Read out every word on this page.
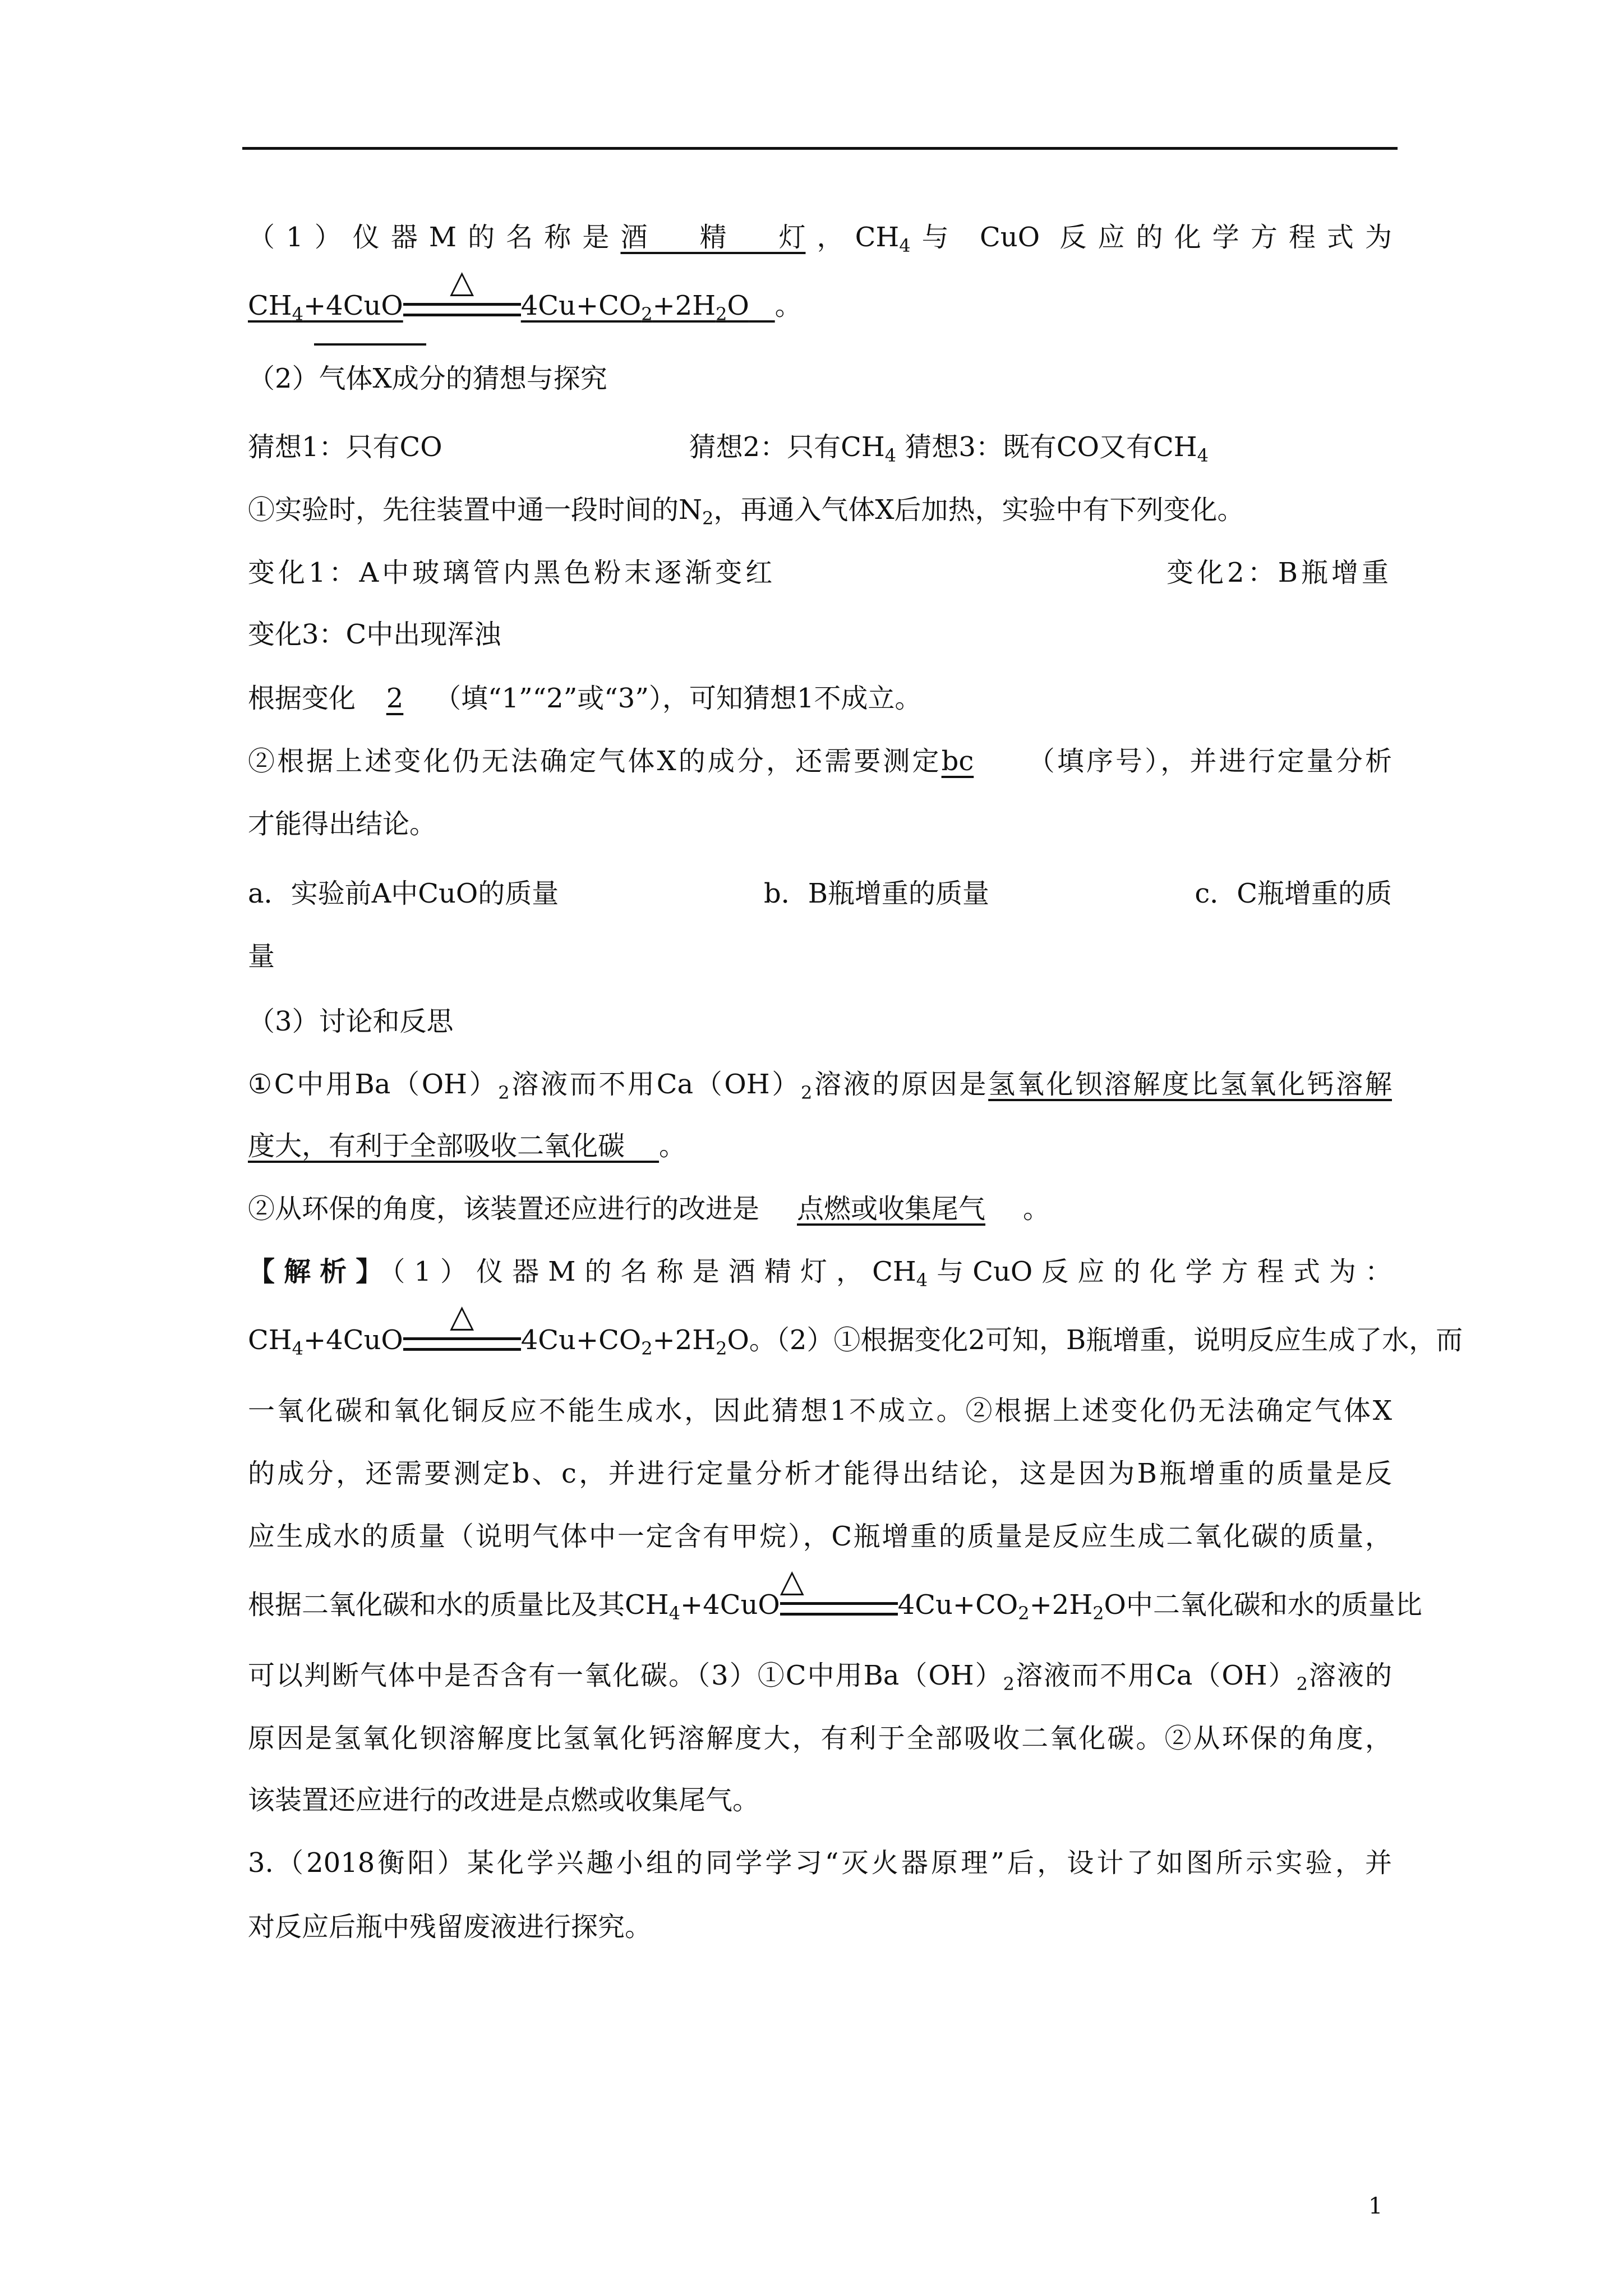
（1）仪器M的名称是酒精灯，$CH_4$与 CuO 反应的化学方程式为
$CH_4+4CuO$
△
$4Cu+CO_2+2H_2O$ 。
（2）气体X成分的猜想与探究
猜想1：只有CO	猜想2：只有$CH_4$ 猜想3：既有CO又有$CH_4$
①实验时，先往装置中通一段时间的$N_2$，再通入气体X后加热，实验中有下列变化。
变化1：A中玻璃管内黑色粉末逐渐变红	变化2：B瓶增重
变化3：C中出现浑浊
根据变化 2 （填“1”“2”或“3”），可知猜想1不成立。
②根据上述变化仍无法确定气体X的成分，还需要测定bc （填序号），并进行定量分析
才能得出结论。
a．实验前A中CuO的质量	b．B瓶增重的质量	c．C瓶增重的质
量
（3）讨论和反思
①C中用$Ba(OH)_2$溶液而不用$Ca(OH)_2$溶液的原因是氢氧化钡溶解度比氢氧化钙溶解
度大，有利于全部吸收二氧化碳 。
②从环保的角度，该装置还应进行的改进是 点燃或收集尾气 。
【解析】（1）仪器M的名称是酒精灯，$CH_4$与CuO反应的化学方程式为：
$CH_4+4CuO$
△
$4Cu+CO_2+2H_2O$。（2）①根据变化2可知，B瓶增重，说明反应生成了水，而
一氧化碳和氧化铜反应不能生成水，因此猜想1不成立。②根据上述变化仍无法确定气体X
的成分，还需要测定b、c，并进行定量分析才能得出结论，这是因为B瓶增重的质量是反
应生成水的质量（说明气体中一定含有甲烷），C瓶增重的质量是反应生成二氧化碳的质量，
根据二氧化碳和水的质量比及其$CH_4+4CuO$
△
$4Cu+CO_2+2H_2O$中二氧化碳和水的质量比
可以判断气体中是否含有一氧化碳。（3）①C中用$Ba(OH)_2$溶液而不用$Ca(OH)_2$溶液的
原因是氢氧化钡溶解度比氢氧化钙溶解度大，有利于全部吸收二氧化碳。②从环保的角度，
该装置还应进行的改进是点燃或收集尾气。
3.（2018衡阳）某化学兴趣小组的同学学习“灭火器原理”后，设计了如图所示实验，并
对反应后瓶中残留废液进行探究。
1
